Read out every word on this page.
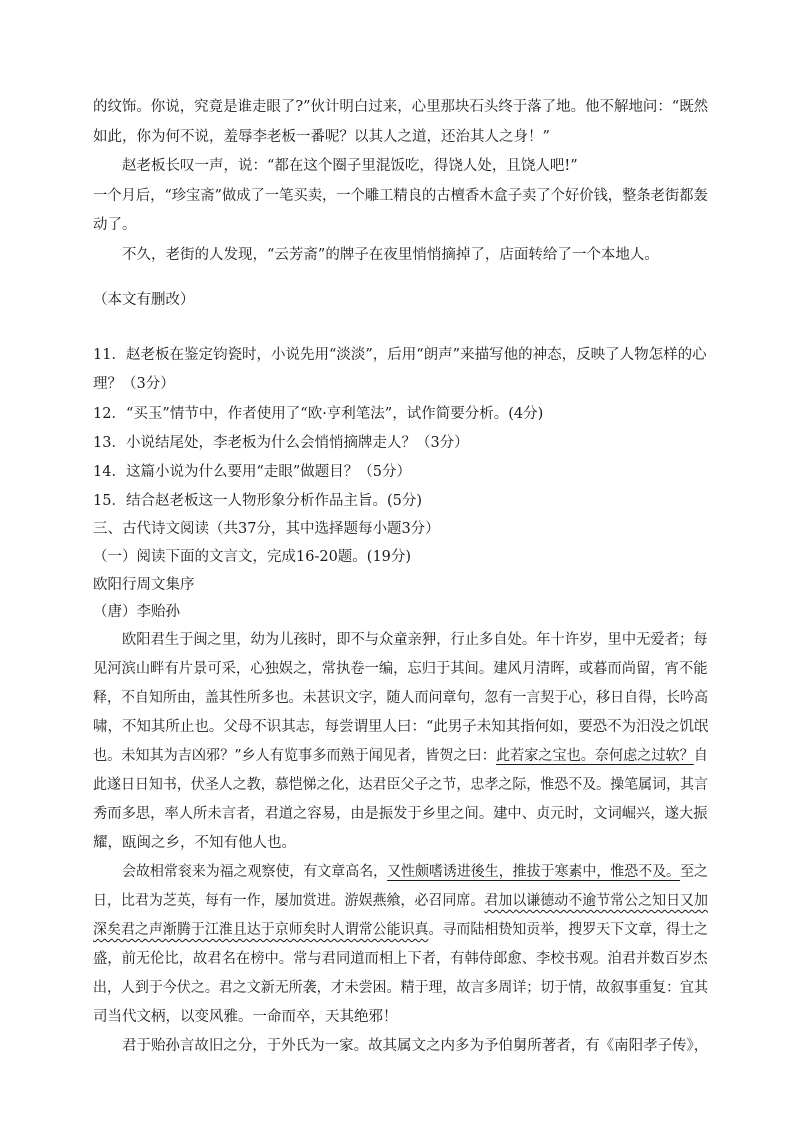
的纹饰。你说，究竟是谁走眼了?”伙计明白过来，心里那块石头终于落了地。他不解地问：“既然
如此，你为何不说，羞辱李老板一番呢？以其人之道，还治其人之身！”
赵老板长叹一声，说：“都在这个圈子里混饭吃，得饶人处，且饶人吧!”
一个月后，“珍宝斋”做成了一笔买卖，一个雕工精良的古檀香木盒子卖了个好价钱，整条老街都轰
动了。
不久，老街的人发现，“云芳斋”的牌子在夜里悄悄摘掉了，店面转给了一个本地人。
（本文有删改）
11．赵老板在鉴定钧瓷时，小说先用“淡淡”，后用“朗声”来描写他的神态，反映了人物怎样的心
理？（3分）
12．“买玉”情节中，作者使用了“欧·亨利笔法”，试作简要分析。(4分)
13．小说结尾处，李老板为什么会悄悄摘牌走人？（3分）
14．这篇小说为什么要用“走眼”做题目？（5分）
15．结合赵老板这一人物形象分析作品主旨。(5分)
三、古代诗文阅读（共37分，其中选择题每小题3分）
（一）阅读下面的文言文，完成16-20题。(19分)
欧阳行周文集序
（唐）李贻孙
欧阳君生于闽之里，幼为儿孩时，即不与众童亲狎，行止多自处。年十许岁，里中无爱者；每
见河滨山畔有片景可采，心独娱之，常执卷一编，忘归于其间。建风月清晖，或暮而尚留，宵不能
释，不自知所由，盖其性所多也。未甚识文字，随人而问章句，忽有一言契于心，移日自得，长吟高
啸，不知其所止也。父母不识其志，每尝谓里人曰：“此男子未知其指何如，要恐不为汨没之饥氓
也。未知其为吉凶邪？”乡人有览事多而熟于闻见者，皆贺之曰：此若家之宝也。奈何虑之过软？自
此遂日日知书，伏圣人之教，慕恺悌之化，达君臣父子之节，忠孝之际，惟恐不及。操笔属词，其言
秀而多思，率人所未言者，君道之容易，由是振发于乡里之间。建中、贞元时，文词崛兴，遂大振
耀，瓯闽之乡，不知有他人也。
会故相常衮来为福之观察使，有文章高名，又性颇嗜诱进後生，推拔于寒素中，惟恐不及。至之
日，比君为芝英，每有一作，屡加赏进。游娱燕飨，必召同席。君加以谦德动不逾节常公之知日又加
深矣君之声渐腾于江淮且达于京师矣时人谓常公能识真。寻而陆相贽知贡举，搜罗天下文章，得士之
盛，前无伦比，故君名在榜中。常与君同道而相上下者，有韩侍郎愈、李校书观。洎君并数百岁杰
出，人到于今伏之。君之文新无所袭，才未尝困。精于理，故言多周详；切于情，故叙事重复：宜其
司当代文柄，以变风雅。一命而卒，天其绝邪！
君于贻孙言故旧之分，于外氏为一家。故其属文之内多为予伯舅所著者，有《南阳孝子传》，
